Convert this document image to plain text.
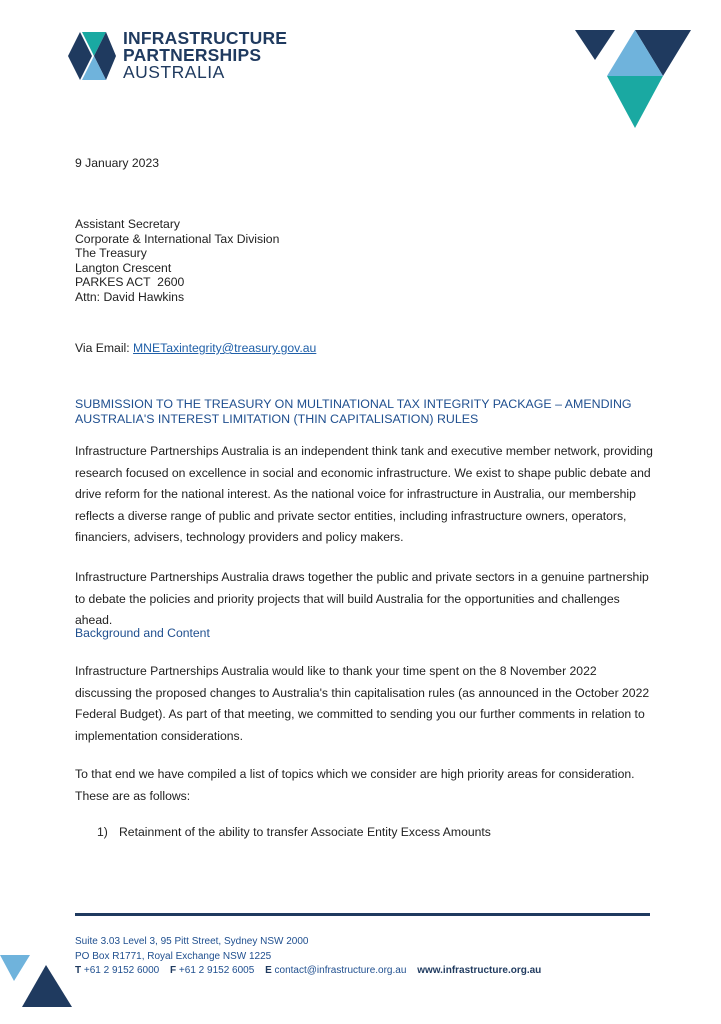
INFRASTRUCTURE
PARTNERSHIPS
AUSTRALIA
9 January 2023
Assistant Secretary
Corporate & International Tax Division
The Treasury
Langton Crescent
PARKES ACT  2600
Attn: David Hawkins
Via Email: MNETaxintegrity@treasury.gov.au
SUBMISSION TO THE TREASURY ON MULTINATIONAL TAX INTEGRITY PACKAGE – AMENDING AUSTRALIA'S INTEREST LIMITATION (THIN CAPITALISATION) RULES
Infrastructure Partnerships Australia is an independent think tank and executive member network, providing research focused on excellence in social and economic infrastructure. We exist to shape public debate and drive reform for the national interest. As the national voice for infrastructure in Australia, our membership reflects a diverse range of public and private sector entities, including infrastructure owners, operators, financiers, advisers, technology providers and policy makers.
Infrastructure Partnerships Australia draws together the public and private sectors in a genuine partnership to debate the policies and priority projects that will build Australia for the opportunities and challenges ahead.
Background and Content
Infrastructure Partnerships Australia would like to thank your time spent on the 8 November 2022 discussing the proposed changes to Australia's thin capitalisation rules (as announced in the October 2022 Federal Budget). As part of that meeting, we committed to sending you our further comments in relation to implementation considerations.
To that end we have compiled a list of topics which we consider are high priority areas for consideration. These are as follows:
1) Retainment of the ability to transfer Associate Entity Excess Amounts
Suite 3.03 Level 3, 95 Pitt Street, Sydney NSW 2000
PO Box R1771, Royal Exchange NSW 1225
T +61 2 9152 6000 F +61 2 9152 6005 E contact@infrastructure.org.au www.infrastructure.org.au
